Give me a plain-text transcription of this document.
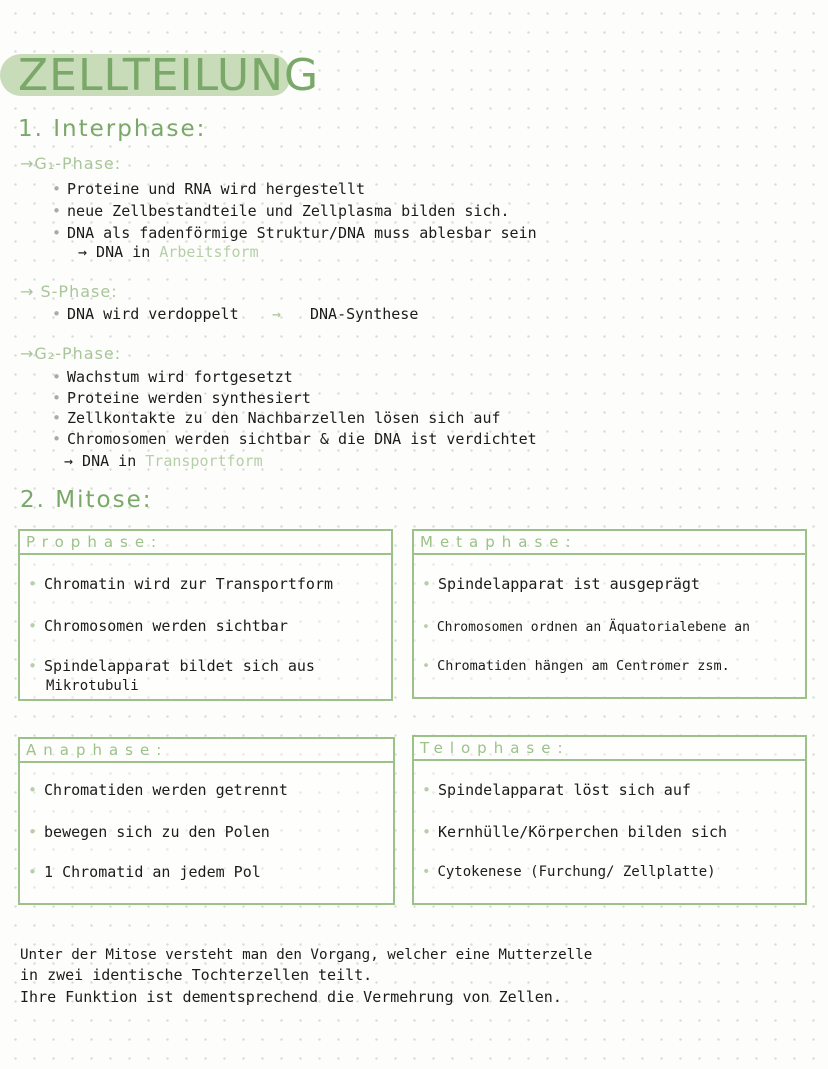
ZELLTEILUNG
1. Interphase:
→G₁-Phase:
• Proteine und RNA wird hergestellt
• neue Zellbestandteile und Zellplasma bilden sich.
• DNA als fadenförmige Struktur/DNA muss ablesbar sein
→ DNA in Arbeitsform
→ S-Phase:
• DNA wird verdoppelt → DNA-Synthese
→G₂-Phase:
• Wachstum wird fortgesetzt
• Proteine werden synthesiert
• Zellkontakte zu den Nachbarzellen lösen sich auf
• Chromosomen werden sichtbar & die DNA ist verdichtet
→ DNA in Transportform
2. Mitose:
Prophase:
• Chromatin wird zur Transportform
• Chromosomen werden sichtbar
• Spindelapparat bildet sich aus
Mikrotubuli
Metaphase:
• Spindelapparat ist ausgeprägt
• Chromosomen ordnen an Äquatorialebene an
• Chromatiden hängen am Centromer zsm.
Anaphase:
• Chromatiden werden getrennt
• bewegen sich zu den Polen
• 1 Chromatid an jedem Pol
Telophase:
• Spindelapparat löst sich auf
• Kernhülle/Körperchen bilden sich
• Cytokenese (Furchung/ Zellplatte)
Unter der Mitose versteht man den Vorgang, welcher eine Mutterzelle
in zwei identische Tochterzellen teilt.
Ihre Funktion ist dementsprechend die Vermehrung von Zellen.
